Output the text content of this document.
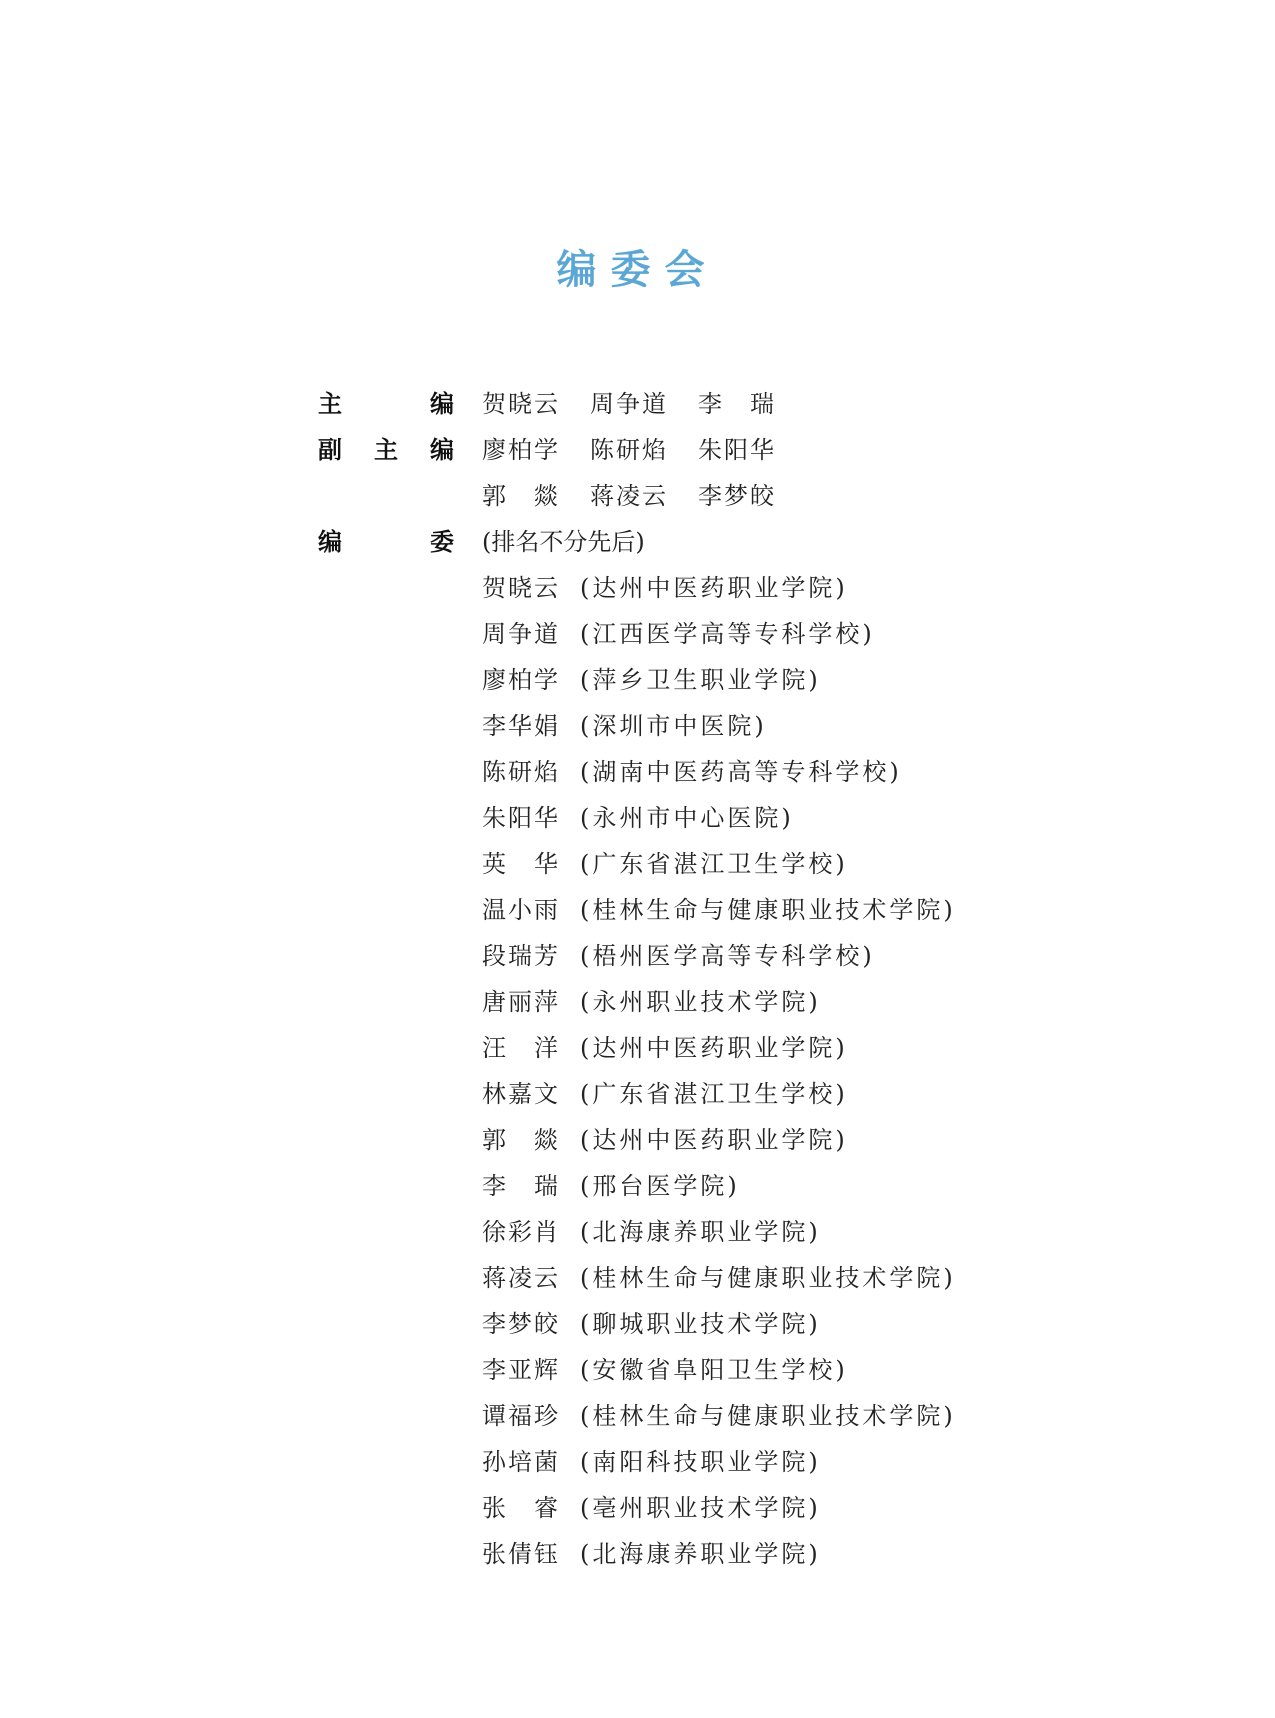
编委会
主	编 贺晓云	周争道	李　瑞
副 主 编 廖柏学	陈研焰	朱阳华
郭　燚	蒋凌云	李梦皎
编	委 (排名不分先后)
贺晓云 (达州中医药职业学院)
周争道 (江西医学高等专科学校)
廖柏学 (萍乡卫生职业学院)
李华娟 (深圳市中医院)
陈研焰 (湖南中医药高等专科学校)
朱阳华 (永州市中心医院)
英　华 (广东省湛江卫生学校)
温小雨 (桂林生命与健康职业技术学院)
段瑞芳 (梧州医学高等专科学校)
唐丽萍 (永州职业技术学院)
汪　洋 (达州中医药职业学院)
林嘉文 (广东省湛江卫生学校)
郭　燚 (达州中医药职业学院)
李　瑞 (邢台医学院)
徐彩肖 (北海康养职业学院)
蒋凌云 (桂林生命与健康职业技术学院)
李梦皎 (聊城职业技术学院)
李亚辉 (安徽省阜阳卫生学校)
谭福珍 (桂林生命与健康职业技术学院)
孙培菌 (南阳科技职业学院)
张　睿 (亳州职业技术学院)
张倩钰 (北海康养职业学院)
